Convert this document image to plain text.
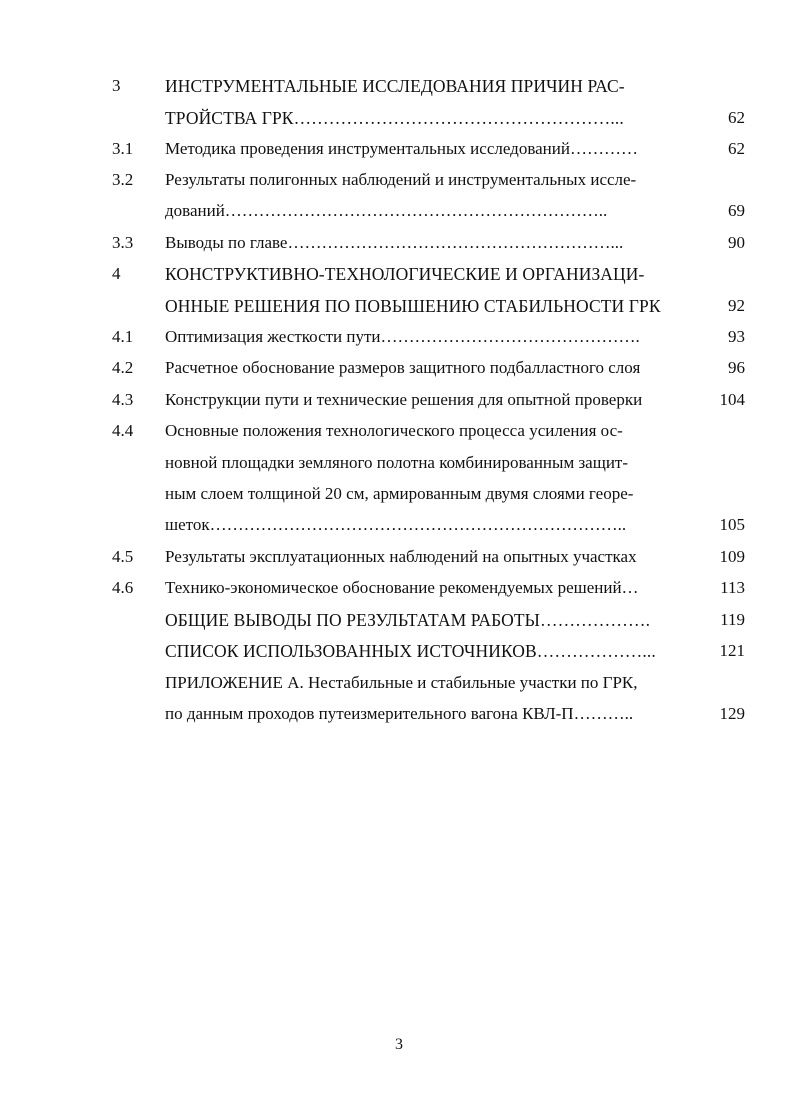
3	ИНСТРУМЕНТАЛЬНЫЕ ИССЛЕДОВАНИЯ ПРИЧИН РАС-
ТРОЙСТВА ГРК………………………………………………...	62
3.1	Методика проведения инструментальных исследований…………	62
3.2	Результаты полигонных наблюдений и инструментальных иссле-
дований…………………………………………………………..	69
3.3	Выводы по главе…………………………………………………...	90
4	КОНСТРУКТИВНО-ТЕХНОЛОГИЧЕСКИЕ И ОРГАНИЗАЦИ-
ОННЫЕ РЕШЕНИЯ ПО ПОВЫШЕНИЮ СТАБИЛЬНОСТИ ГРК	92
4.1	Оптимизация жесткости пути……………………………………….	93
4.2	Расчетное обоснование размеров защитного подбалластного слоя	96
4.3	Конструкции пути и технические решения для опытной проверки	104
4.4	Основные положения технологического процесса усиления ос-
новной площадки земляного полотна комбинированным защит-
ным слоем толщиной 20 см, армированным двумя слоями георе-
шеток………………………………………………………………..	105
4.5	Результаты эксплуатационных наблюдений на опытных участках	109
4.6	Технико-экономическое обоснование рекомендуемых решений…	113
ОБЩИЕ ВЫВОДЫ ПО РЕЗУЛЬТАТАМ РАБОТЫ……………….	119
СПИСОК ИСПОЛЬЗОВАННЫХ ИСТОЧНИКОВ………………...	121
ПРИЛОЖЕНИЕ А. Нестабильные и стабильные участки по ГРК,
по данным проходов путеизмерительного вагона КВЛ-П………..	129
3
